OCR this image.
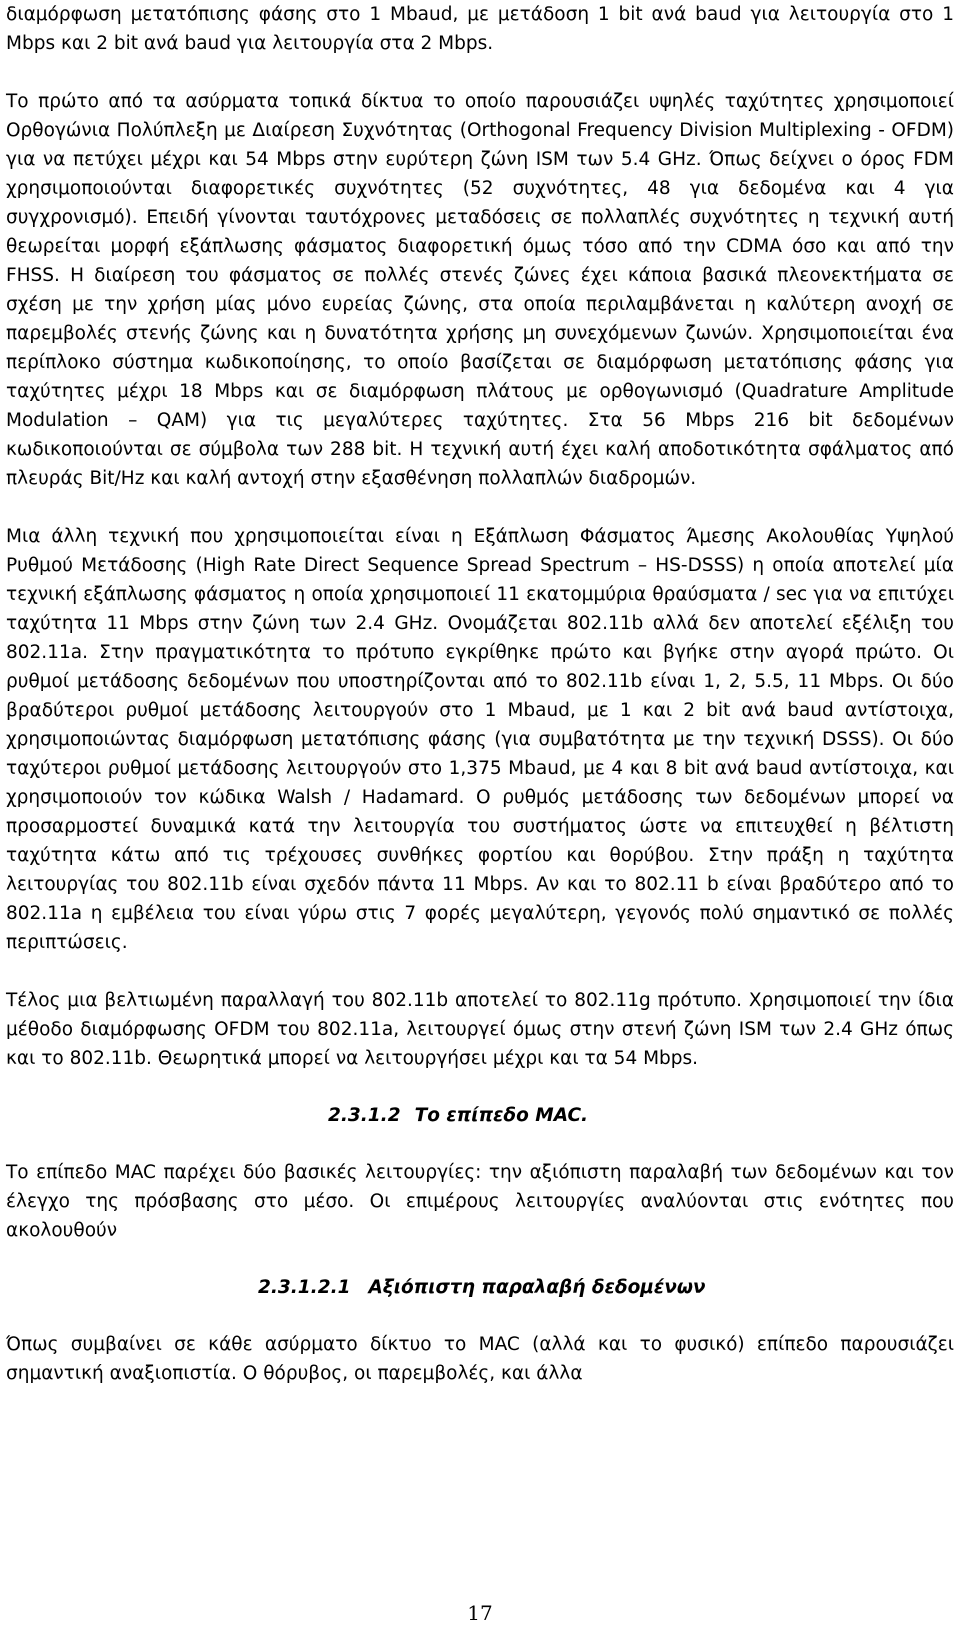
διαμόρφωση μετατόπισης φάσης στο 1 Mbaud, με μετάδοση 1 bit ανά baud για λειτουργία στο 1 Mbps και 2 bit ανά baud για λειτουργία στα 2 Mbps.

Το πρώτο από τα ασύρματα τοπικά δίκτυα το οποίο παρουσιάζει υψηλές ταχύτητες χρησιμοποιεί Ορθογώνια Πολύπλεξη με Διαίρεση Συχνότητας (Orthogonal Frequency Division Multiplexing - OFDM) για να πετύχει μέχρι και 54 Mbps στην ευρύτερη ζώνη ISM των 5.4 GHz. Όπως δείχνει ο όρος FDM χρησιμοποιούνται διαφορετικές συχνότητες (52 συχνότητες, 48 για δεδομένα και 4 για συγχρονισμό). Επειδή γίνονται ταυτόχρονες μεταδόσεις σε πολλαπλές συχνότητες η τεχνική αυτή θεωρείται μορφή εξάπλωσης φάσματος διαφορετική όμως τόσο από την CDMA όσο και από την FHSS. Η διαίρεση του φάσματος σε πολλές στενές ζώνες έχει κάποια βασικά πλεονεκτήματα σε σχέση με την χρήση μίας μόνο ευρείας ζώνης, στα οποία περιλαμβάνεται η καλύτερη ανοχή σε παρεμβολές στενής ζώνης και η δυνατότητα χρήσης μη συνεχόμενων ζωνών. Χρησιμοποιείται ένα περίπλοκο σύστημα κωδικοποίησης, το οποίο βασίζεται σε διαμόρφωση μετατόπισης φάσης για ταχύτητες μέχρι 18 Mbps και σε διαμόρφωση πλάτους με ορθογωνισμό (Quadrature Amplitude Modulation – QAM) για τις μεγαλύτερες ταχύτητες. Στα 56 Mbps 216 bit δεδομένων κωδικοποιούνται σε σύμβολα των 288 bit. Η τεχνική αυτή έχει καλή αποδοτικότητα σφάλματος από πλευράς Bit/Hz και καλή αντοχή στην εξασθένηση πολλαπλών διαδρομών.

Μια άλλη τεχνική που χρησιμοποιείται είναι η Εξάπλωση Φάσματος Άμεσης Ακολουθίας Υψηλού Ρυθμού Μετάδοσης (High Rate Direct Sequence Spread Spectrum – HS-DSSS) η οποία αποτελεί μία τεχνική εξάπλωσης φάσματος η οποία χρησιμοποιεί 11 εκατομμύρια θραύσματα / sec για να επιτύχει ταχύτητα 11 Mbps στην ζώνη των 2.4 GHz. Ονομάζεται 802.11b αλλά δεν αποτελεί εξέλιξη του 802.11a. Στην πραγματικότητα το πρότυπο εγκρίθηκε πρώτο και βγήκε στην αγορά πρώτο. Οι ρυθμοί μετάδοσης δεδομένων που υποστηρίζονται από το 802.11b είναι 1, 2, 5.5, 11 Mbps. Οι δύο βραδύτεροι ρυθμοί μετάδοσης λειτουργούν στο 1 Mbaud, με 1 και 2 bit ανά baud αντίστοιχα, χρησιμοποιώντας διαμόρφωση μετατόπισης φάσης (για συμβατότητα με την τεχνική DSSS). Οι δύο ταχύτεροι ρυθμοί μετάδοσης λειτουργούν στο 1,375 Mbaud, με 4 και 8 bit ανά baud αντίστοιχα, και χρησιμοποιούν τον κώδικα Walsh / Hadamard. Ο ρυθμός μετάδοσης των δεδομένων μπορεί να προσαρμοστεί δυναμικά κατά την λειτουργία του συστήματος ώστε να επιτευχθεί η βέλτιστη ταχύτητα κάτω από τις τρέχουσες συνθήκες φορτίου και θορύβου. Στην πράξη η ταχύτητα λειτουργίας του 802.11b είναι σχεδόν πάντα 11 Mbps. Αν και το 802.11 b είναι βραδύτερο από το 802.11a η εμβέλεια του είναι γύρω στις 7 φορές μεγαλύτερη, γεγονός πολύ σημαντικό σε πολλές περιπτώσεις.

Τέλος μια βελτιωμένη παραλλαγή του 802.11b αποτελεί το 802.11g πρότυπο. Χρησιμοποιεί την ίδια μέθοδο διαμόρφωσης OFDM του 802.11a, λειτουργεί όμως στην στενή ζώνη ISM των 2.4 GHz όπως και το 802.11b. Θεωρητικά μπορεί να λειτουργήσει μέχρι και τα 54 Mbps.

2.3.1.2 Το επίπεδο MAC.

Το επίπεδο MAC παρέχει δύο βασικές λειτουργίες: την αξιόπιστη παραλαβή των δεδομένων και τον έλεγχο της πρόσβασης στο μέσο. Οι επιμέρους λειτουργίες αναλύονται στις ενότητες που ακολουθούν

2.3.1.2.1 Αξιόπιστη παραλαβή δεδομένων

Όπως συμβαίνει σε κάθε ασύρματο δίκτυο το MAC (αλλά και το φυσικό) επίπεδο παρουσιάζει σημαντική αναξιοπιστία. Ο θόρυβος, οι παρεμβολές, και άλλα

17
